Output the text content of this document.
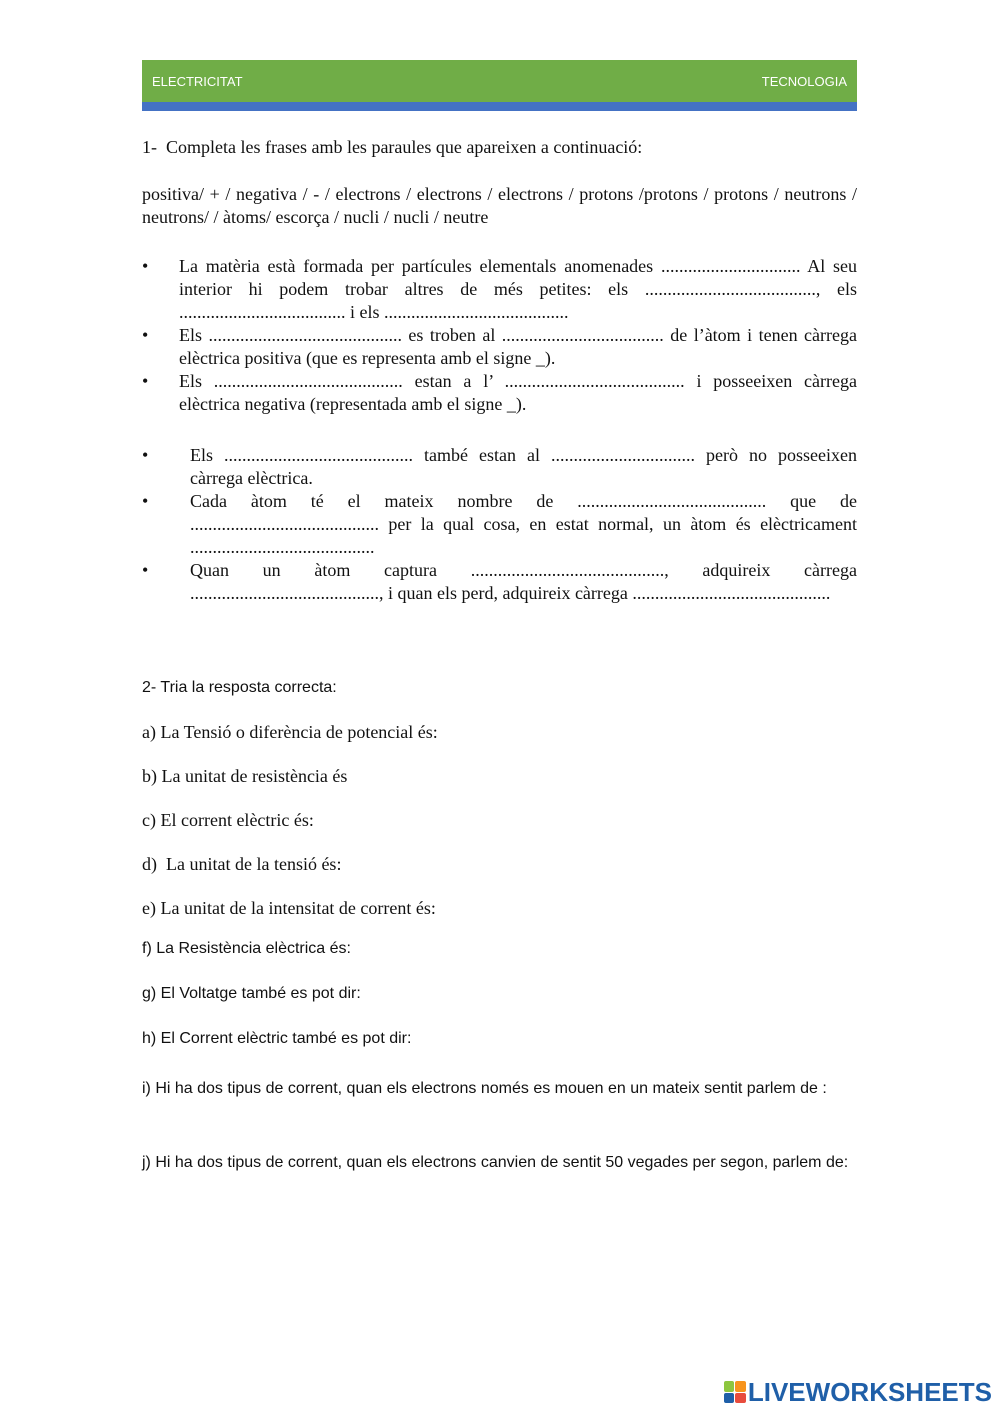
ELECTRICITAT	TECNOLOGIA
1-  Completa les frases amb les paraules que apareixen a continuació:
positiva/ + / negativa / - / electrons / electrons / electrons / protons /protons / protons / neutrons / neutrons/ / àtoms/ escorça / nucli / nucli / neutre
• La matèria està formada per partícules elementals anomenades ............................... Al seu interior hi podem trobar altres de més petites: els ......................................, els ..................................... i els .........................................
• Els ........................................... es troben al .................................... de l’àtom i tenen càrrega elèctrica positiva (que es representa amb el signe _).
• Els .......................................... estan a l’ ........................................ i posseeixen càrrega elèctrica negativa (representada amb el signe _).
• Els .......................................... també estan al ................................ però no posseeixen càrrega elèctrica.
• Cada àtom té el mateix nombre de .......................................... que de .......................................... per la qual cosa, en estat normal, un àtom és elèctricament .........................................
• Quan un àtom captura ..........................................., adquireix càrrega .........................................., i quan els perd, adquireix càrrega ............................................
2- Tria la resposta correcta:
a) La Tensió o diferència de potencial és:
b) La unitat de resistència és
c) El corrent elèctric és:
d)  La unitat de la tensió és:
e) La unitat de la intensitat de corrent és:
f) La Resistència elèctrica és:
g) El Voltatge també es pot dir:
h) El Corrent elèctric també es pot dir:
i) Hi ha dos tipus de corrent, quan els electrons només es mouen en un mateix sentit parlem de :
j) Hi ha dos tipus de corrent, quan els electrons canvien de sentit 50 vegades per segon, parlem de:
LIVEWORKSHEETS
